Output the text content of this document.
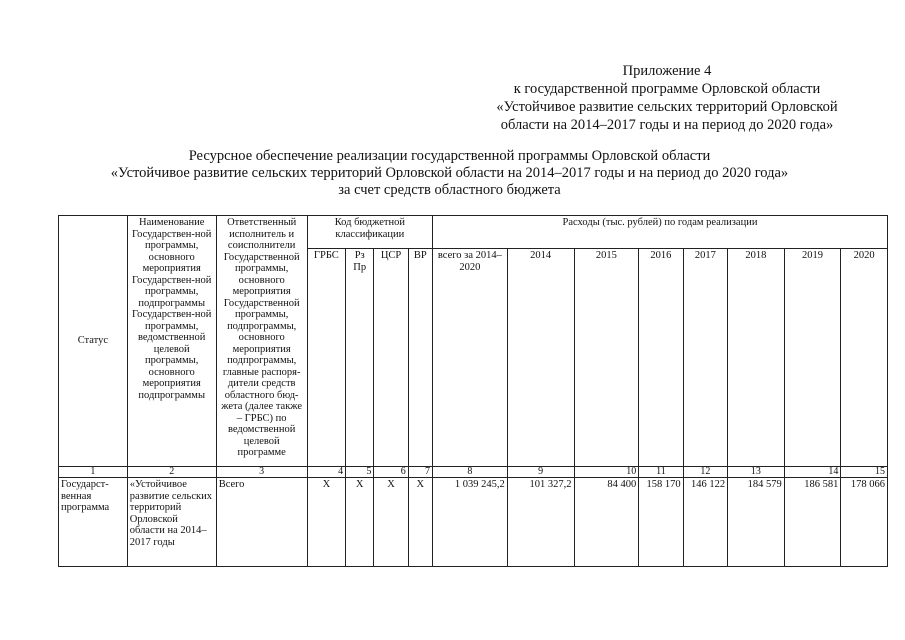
Приложение 4
к государственной программе Орловской области
«Устойчивое развитие сельских территорий Орловской
области на 2014–2017 годы и на период до 2020 года»
Ресурсное обеспечение реализации государственной программы Орловской области
«Устойчивое развитие сельских территорий Орловской области на 2014–2017 годы и на период до 2020 года»
за счет средств областного бюджета
Статус	Наименование Государствен-ной программы, основного мероприятия Государствен-ной программы, подпрограммы Государствен-ной программы, ведомственной целевой программы, основного мероприятия подпрограммы	Ответственный исполнитель и соисполнители Государственной программы, основного мероприятия Государственной программы, подпрограммы, основного мероприятия подпрограммы, главные распоря-дители средств областного бюд-жета (далее также – ГРБС) по ведомственной целевой программе	Код бюджетной классификации				Расходы (тыс. рублей) по годам реализации							
			ГРБС	Рз Пр	ЦСР	ВР	всего за 2014–2020	2014	2015	2016	2017	2018	2019	2020
1	2	3	4	5	6	7	8	9	10	11	12	13	14	15
Государст-венная программа	«Устойчивое развитие сельских территорий Орловской области на 2014–2017 годы	Всего	Х	Х	Х	Х	1 039 245,2	101 327,2	84 400	158 170	146 122	184 579	186 581	178 066
